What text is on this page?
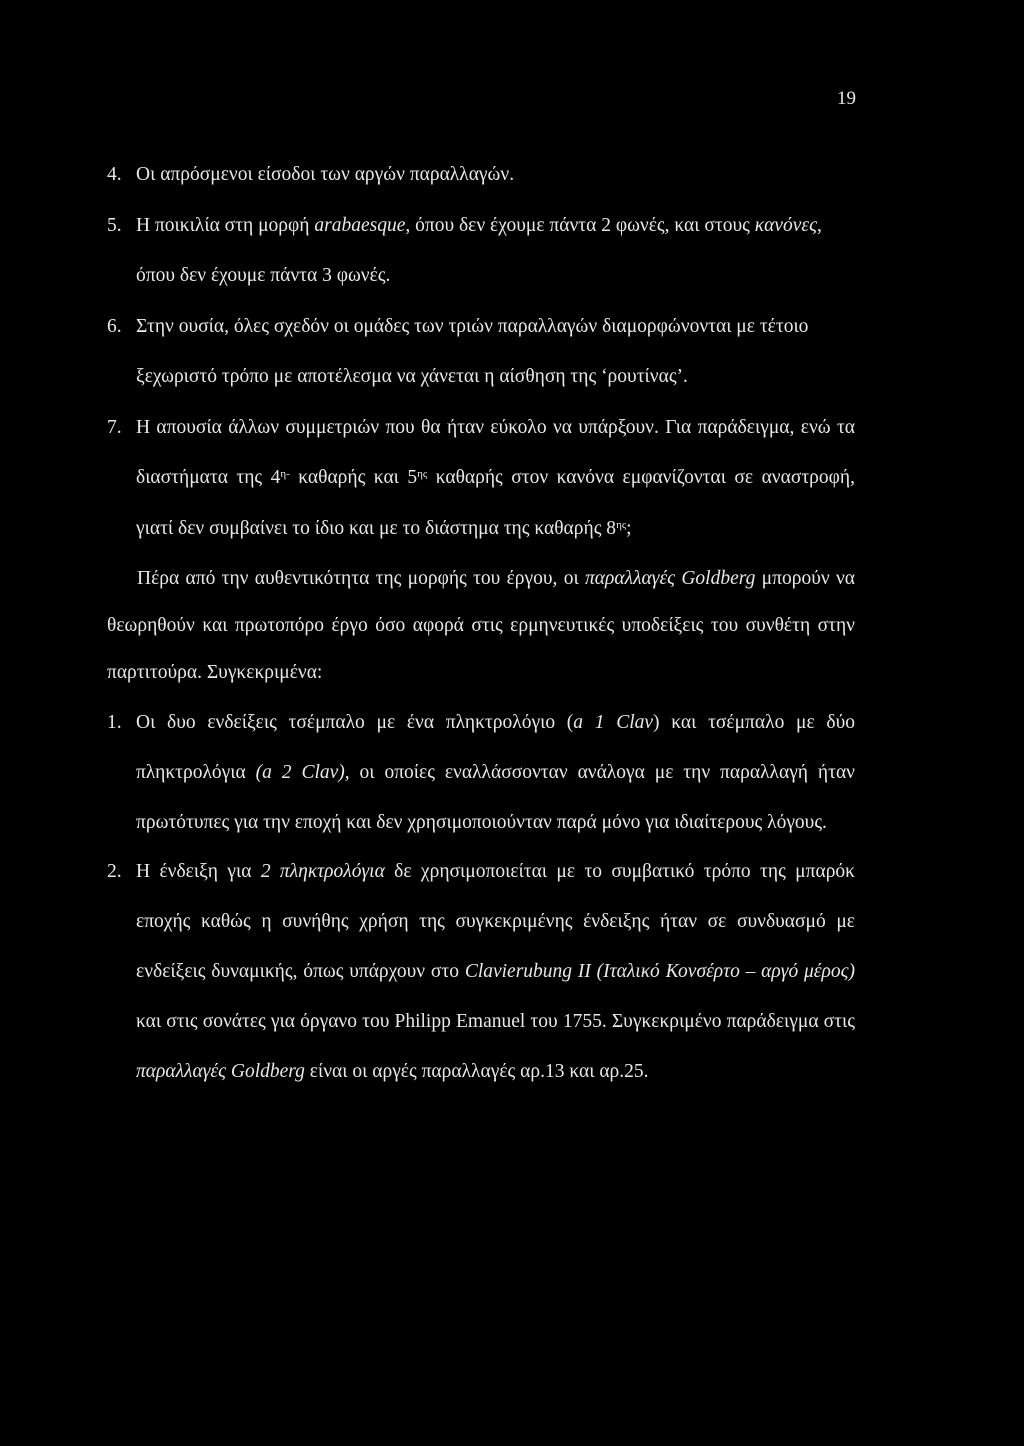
19

4. Οι απρόσμενοι είσοδοι των αργών παραλλαγών.

5. Η ποικιλία στη μορφή arabaesque, όπου δεν έχουμε πάντα 2 φωνές, και στους κανόνες, όπου δεν έχουμε πάντα 3 φωνές.

6. Στην ουσία, όλες σχεδόν οι ομάδες των τριών παραλλαγών διαμορφώνονται με τέτοιο ξεχωριστό τρόπο με αποτέλεσμα να χάνεται η αίσθηση της ‘ρουτίνας’.

7. Η απουσία άλλων συμμετριών που θα ήταν εύκολο να υπάρξουν. Για παράδειγμα, ενώ τα διαστήματα της $4^{\eta-}$ καθαρής και $5^{\eta\varsigma}$ καθαρής στον κανόνα εμφανίζονται σε αναστροφή, γιατί δεν συμβαίνει το ίδιο και με το διάστημα της καθαρής $8^{\eta\varsigma}$;

Πέρα από την αυθεντικότητα της μορφής του έργου, οι παραλλαγές Goldberg μπορούν να θεωρηθούν και πρωτοπόρο έργο όσο αφορά στις ερμηνευτικές υποδείξεις του συνθέτη στην παρτιτούρα. Συγκεκριμένα:

1. Οι δυο ενδείξεις τσέμπαλο με ένα πληκτρολόγιο (a 1 Clav) και τσέμπαλο με δύο πληκτρολόγια (a 2 Clav), οι οποίες εναλλάσσονταν ανάλογα με την παραλλαγή ήταν πρωτότυπες για την εποχή και δεν χρησιμοποιούνταν παρά μόνο για ιδιαίτερους λόγους.

2. Η ένδειξη για 2 πληκτρολόγια δε χρησιμοποιείται με το συμβατικό τρόπο της μπαρόκ εποχής καθώς η συνήθης χρήση της συγκεκριμένης ένδειξης ήταν σε συνδυασμό με ενδείξεις δυναμικής, όπως υπάρχουν στο Clavierubung II (Ιταλικό Κονσέρτο – αργό μέρος) και στις σονάτες για όργανο του Philipp Emanuel του 1755. Συγκεκριμένο παράδειγμα στις παραλλαγές Goldberg είναι οι αργές παραλλαγές αρ.13 και αρ.25.
